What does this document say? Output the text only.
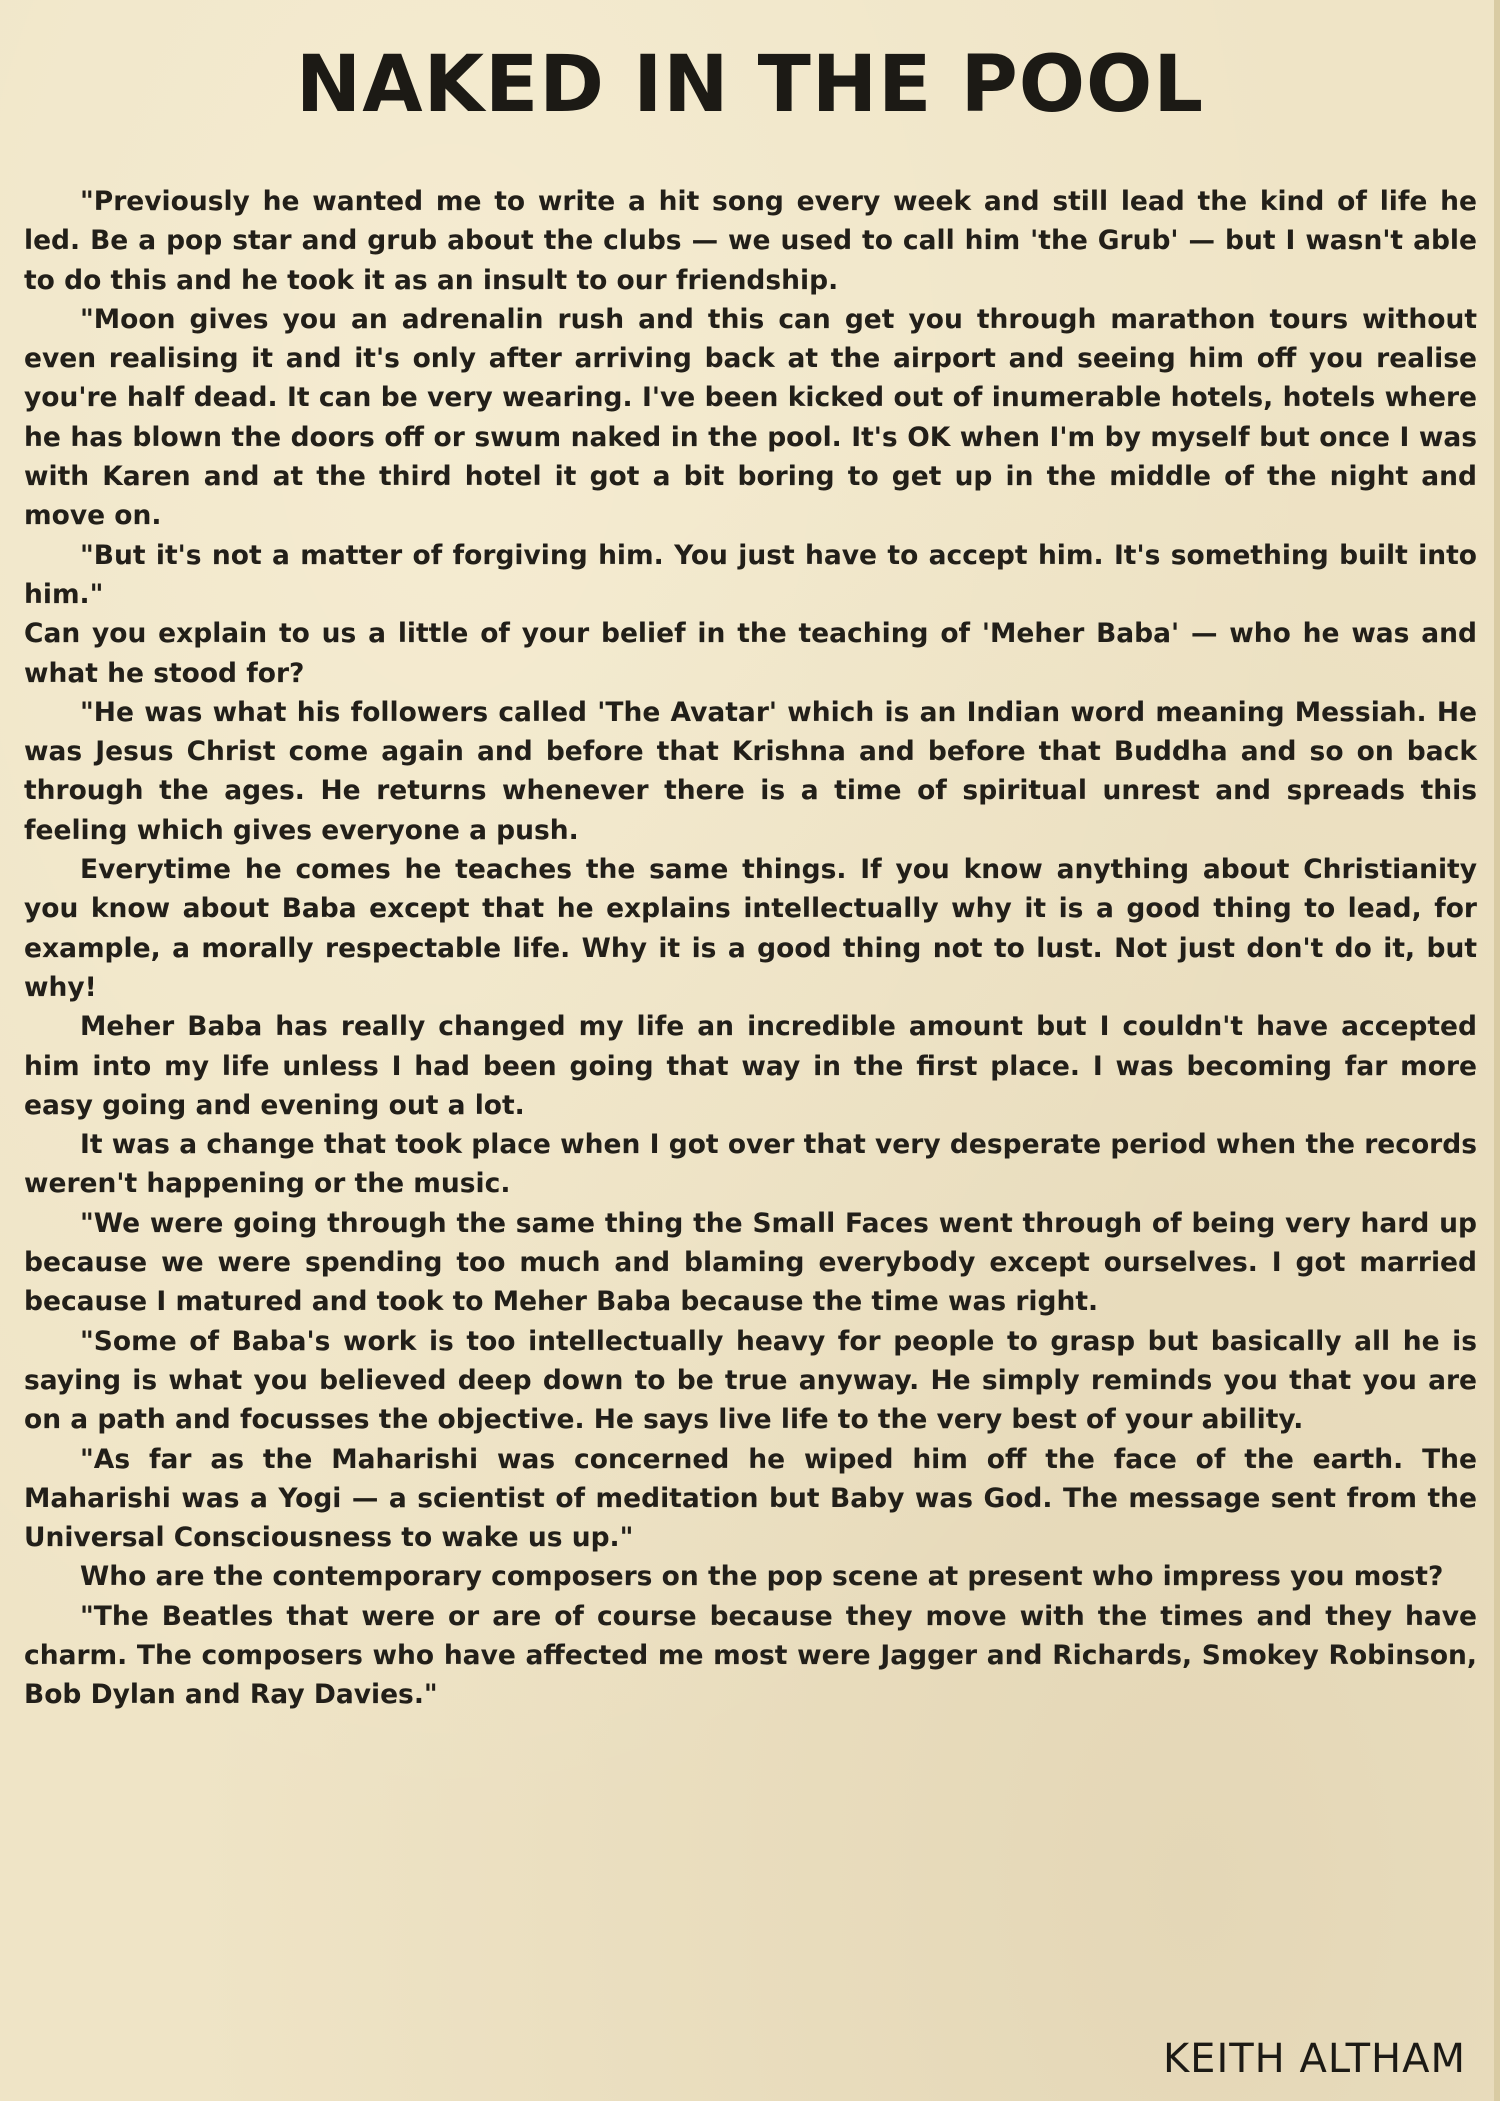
NAKED IN THE POOL

"Previously he wanted me to write a hit song every week and still lead the kind of life he led. Be a pop star and grub about the clubs — we used to call him 'the Grub' — but I wasn't able to do this and he took it as an insult to our friendship.

"Moon gives you an adrenalin rush and this can get you through marathon tours without even realising it and it's only after arriving back at the airport and seeing him off you realise you're half dead. It can be very wearing. I've been kicked out of inumerable hotels, hotels where he has blown the doors off or swum naked in the pool. It's OK when I'm by myself but once I was with Karen and at the third hotel it got a bit boring to get up in the middle of the night and move on.

"But it's not a matter of forgiving him. You just have to accept him. It's something built into him."

Can you explain to us a little of your belief in the teaching of 'Meher Baba' — who he was and what he stood for?

"He was what his followers called 'The Avatar' which is an Indian word meaning Messiah. He was Jesus Christ come again and before that Krishna and before that Buddha and so on back through the ages. He returns whenever there is a time of spiritual unrest and spreads this feeling which gives everyone a push.

Everytime he comes he teaches the same things. If you know anything about Christianity you know about Baba except that he explains intellectually why it is a good thing to lead, for example, a morally respectable life. Why it is a good thing not to lust. Not just don't do it, but why!

Meher Baba has really changed my life an incredible amount but I couldn't have accepted him into my life unless I had been going that way in the first place. I was becoming far more easy going and evening out a lot.

It was a change that took place when I got over that very desperate period when the records weren't happening or the music.

"We were going through the same thing the Small Faces went through of being very hard up because we were spending too much and blaming everybody except ourselves. I got married because I matured and took to Meher Baba because the time was right.

"Some of Baba's work is too intellectually heavy for people to grasp but basically all he is saying is what you believed deep down to be true anyway. He simply reminds you that you are on a path and focusses the objective. He says live life to the very best of your ability.

"As far as the Maharishi was concerned he wiped him off the face of the earth. The Maharishi was a Yogi — a scientist of meditation but Baby was God. The message sent from the Universal Consciousness to wake us up."

Who are the contemporary composers on the pop scene at present who impress you most?

"The Beatles that were or are of course because they move with the times and they have charm. The composers who have affected me most were Jagger and Richards, Smokey Robinson, Bob Dylan and Ray Davies."

KEITH ALTHAM
